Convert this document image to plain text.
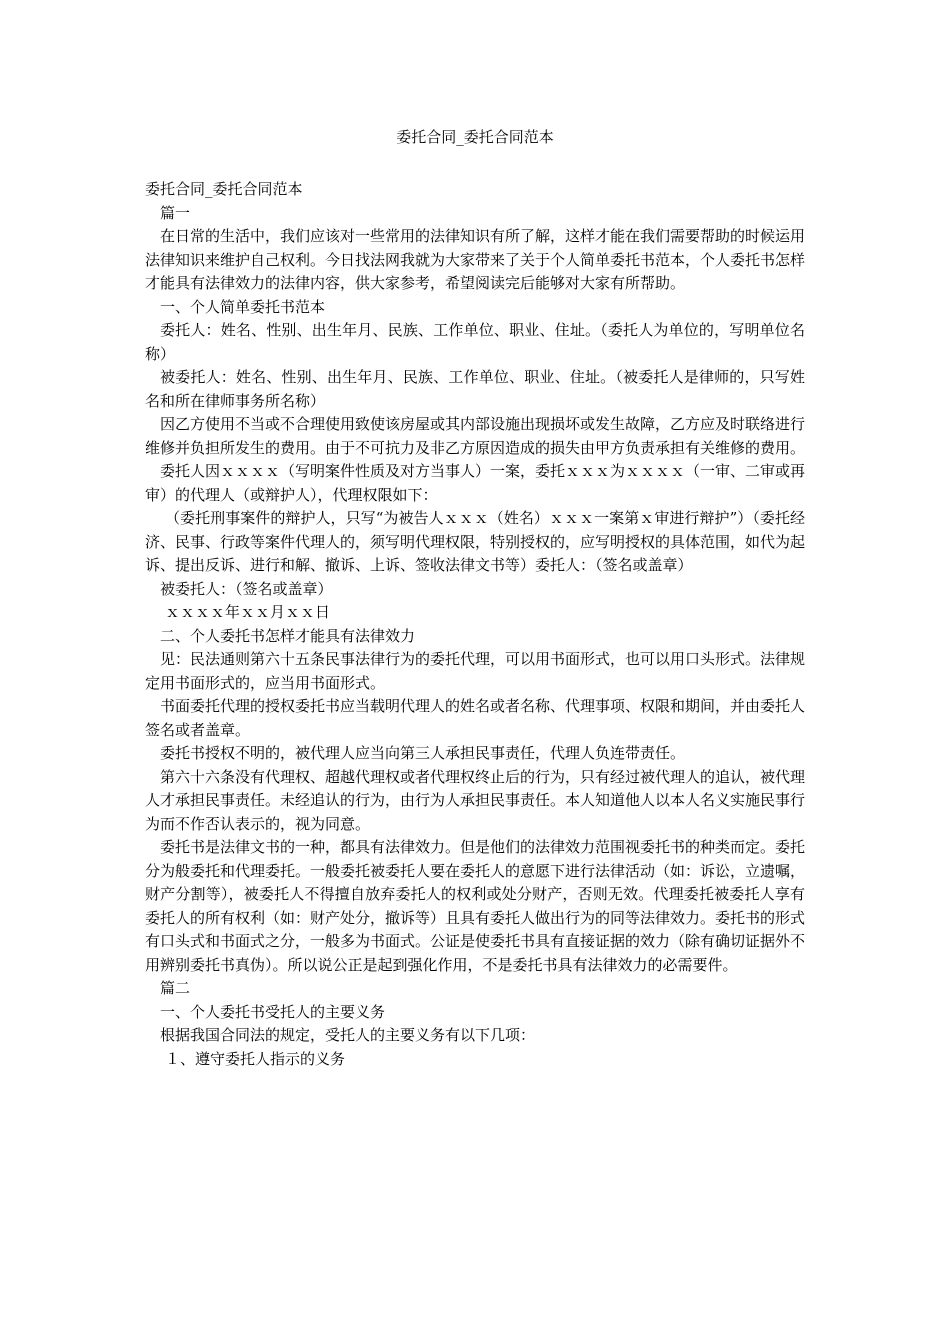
委托合同_委托合同范本

委托合同_委托合同范本

篇一

在日常的生活中，我们应该对一些常用的法律知识有所了解，这样才能在我们需要帮助的时候运用法律知识来维护自己权利。今日找法网我就为大家带来了关于个人简单委托书范本，个人委托书怎样才能具有法律效力的法律内容，供大家参考，希望阅读完后能够对大家有所帮助。

一、个人简单委托书范本

委托人：姓名、性别、出生年月、民族、工作单位、职业、住址。（委托人为单位的，写明单位名称）

被委托人：姓名、性别、出生年月、民族、工作单位、职业、住址。（被委托人是律师的，只写姓名和所在律师事务所名称）

因乙方使用不当或不合理使用致使该房屋或其内部设施出现损坏或发生故障，乙方应及时联络进行维修并负担所发生的费用。由于不可抗力及非乙方原因造成的损失由甲方负责承担有关维修的费用。

委托人因ｘｘｘｘ（写明案件性质及对方当事人）一案，委托ｘｘｘ为ｘｘｘｘ（一审、二审或再审）的代理人（或辩护人），代理权限如下：

（委托刑事案件的辩护人，只写“为被告人ｘｘｘ（姓名）ｘｘｘ一案第ｘ审进行辩护”）（委托经济、民事、行政等案件代理人的，须写明代理权限，特别授权的，应写明授权的具体范围，如代为起诉、提出反诉、进行和解、撤诉、上诉、签收法律文书等）委托人：（签名或盖章）

被委托人：（签名或盖章）

ｘｘｘｘ年ｘｘ月ｘｘ日

二、个人委托书怎样才能具有法律效力

见：民法通则第六十五条民事法律行为的委托代理，可以用书面形式，也可以用口头形式。法律规定用书面形式的，应当用书面形式。

书面委托代理的授权委托书应当载明代理人的姓名或者名称、代理事项、权限和期间，并由委托人签名或者盖章。

委托书授权不明的，被代理人应当向第三人承担民事责任，代理人负连带责任。

第六十六条没有代理权、超越代理权或者代理权终止后的行为，只有经过被代理人的追认，被代理人才承担民事责任。未经追认的行为，由行为人承担民事责任。本人知道他人以本人名义实施民事行为而不作否认表示的，视为同意。

委托书是法律文书的一种，都具有法律效力。但是他们的法律效力范围视委托书的种类而定。委托分为般委托和代理委托。一般委托被委托人要在委托人的意愿下进行法律活动（如：诉讼，立遗嘱，财产分割等），被委托人不得擅自放弃委托人的权利或处分财产，否则无效。代理委托被委托人享有委托人的所有权利（如：财产处分，撤诉等）且具有委托人做出行为的同等法律效力。委托书的形式有口头式和书面式之分，一般多为书面式。公证是使委托书具有直接证据的效力（除有确切证据外不用辨别委托书真伪）。所以说公正是起到强化作用，不是委托书具有法律效力的必需要件。

篇二

一、个人委托书受托人的主要义务

根据我国合同法的规定，受托人的主要义务有以下几项：

１、遵守委托人指示的义务
